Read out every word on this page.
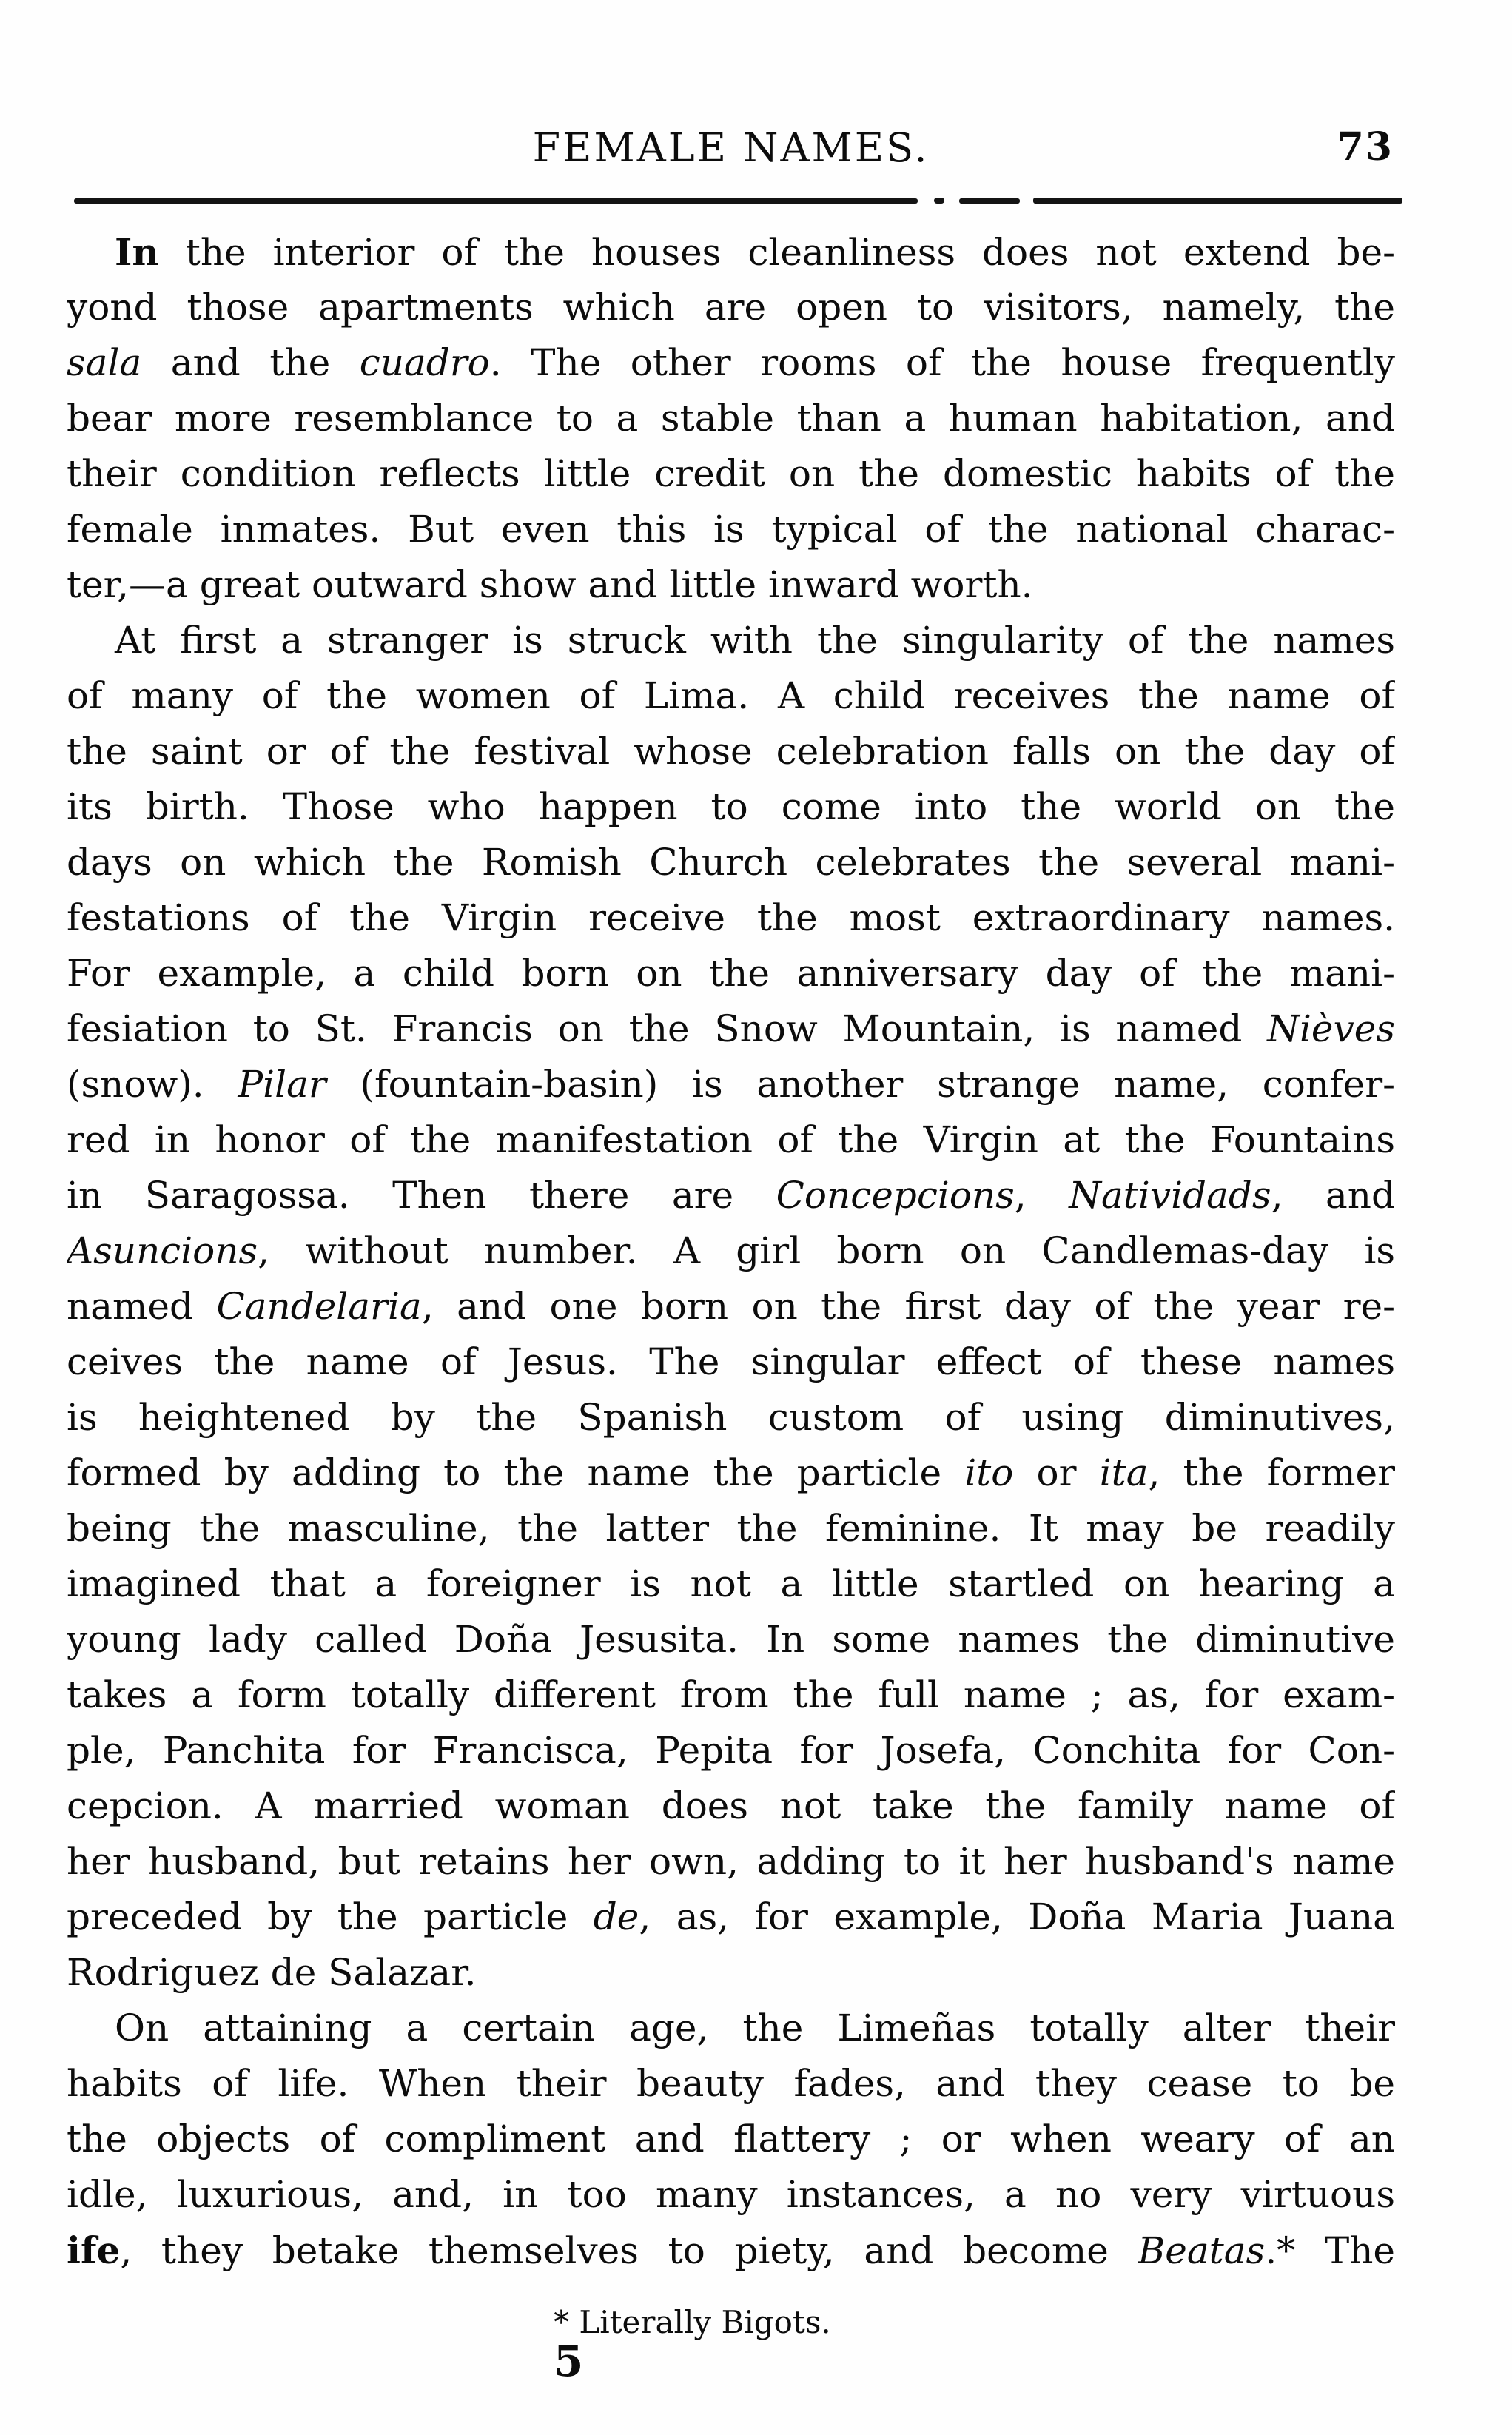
FEMALE NAMES.	73
In the interior of the houses cleanliness does not extend be-
yond those apartments which are open to visitors, namely, the
sala and the cuadro. The other rooms of the house frequently
bear more resemblance to a stable than a human habitation, and
their condition reflects little credit on the domestic habits of the
female inmates. But even this is typical of the national charac-
ter,—a great outward show and little inward worth.
At first a stranger is struck with the singularity of the names
of many of the women of Lima. A child receives the name of
the saint or of the festival whose celebration falls on the day of
its birth. Those who happen to come into the world on the
days on which the Romish Church celebrates the several mani-
festations of the Virgin receive the most extraordinary names.
For example, a child born on the anniversary day of the mani-
fesiation to St. Francis on the Snow Mountain, is named Nièves
(snow). Pilar (fountain-basin) is another strange name, confer-
red in honor of the manifestation of the Virgin at the Fountains
in Saragossa. Then there are Concepcions, Natividads, and
Asuncions, without number. A girl born on Candlemas-day is
named Candelaria, and one born on the first day of the year re-
ceives the name of Jesus. The singular effect of these names
is heightened by the Spanish custom of using diminutives,
formed by adding to the name the particle ito or ita, the former
being the masculine, the latter the feminine. It may be readily
imagined that a foreigner is not a little startled on hearing a
young lady called Doña Jesusita. In some names the diminutive
takes a form totally different from the full name ; as, for exam-
ple, Panchita for Francisca, Pepita for Josefa, Conchita for Con-
cepcion. A married woman does not take the family name of
her husband, but retains her own, adding to it her husband's name
preceded by the particle de, as, for example, Doña Maria Juana
Rodriguez de Salazar.
On attaining a certain age, the Limeñas totally alter their
habits of life. When their beauty fades, and they cease to be
the objects of compliment and flattery ; or when weary of an
idle, luxurious, and, in too many instances, a no very virtuous
ife, they betake themselves to piety, and become Beatas.* The
* Literally Bigots.
5
